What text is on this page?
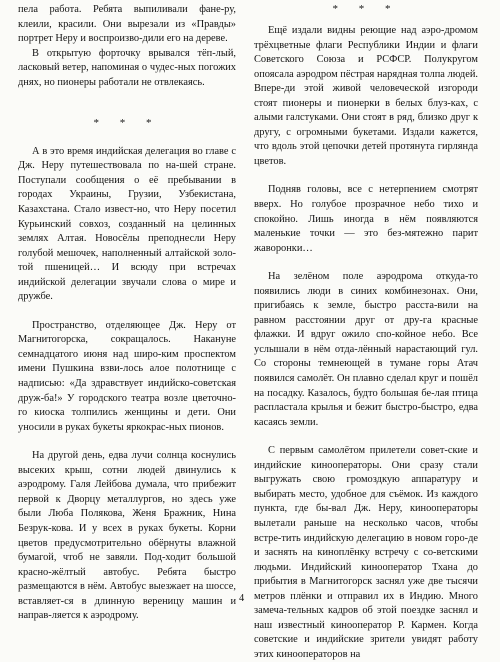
пела работа. Ребята выпиливали фане-ру, клеили, красили. Они вырезали из «Правды» портрет Неру и воспроизво-дили его на дереве.

В открытую форточку врывался тёп-лый, ласковый ветер, напоминая о чудес-ных погожих днях, но пионеры работали не отвлекаясь.

* * *

А в это время индийская делегация во главе с Дж. Неру путешествовала по на-шей стране. Поступали сообщения о её пребывании в городах Украины, Грузии, Узбекистана, Казахстана. Стало извест-но, что Неру посетил Курьинский совхоз, созданный на целинных землях Алтая. Новосёлы преподнесли Неру голубой мешочек, наполненный алтайской золо-той пшеницей… И всюду при встречах индийской делегации звучали слова о мире и дружбе.

Пространство, отделяющее Дж. Неру от Магнитогорска, сокращалось. Накануне семнадцатого июня над широ-ким проспектом имени Пушкина взви-лось алое полотнище с надписью: «Да здравствует индийско-советская друж-ба!» У городского театра возле цветочно-го киоска толпились женщины и дети. Они уносили в руках букеты яркокрас-ных пионов.

На другой день, едва лучи солнца коснулись высеких крыш, сотни людей двинулись к аэродрому. Галя Лейбова думала, что прибежит первой к Дворцу металлургов, но здесь уже были Люба Полякова, Женя Бражник, Нина Безрук-кова. И у всех в руках букеты. Корни цветов предусмотрительно обёрнуты влажной бумагой, чтоб не завяли. Под-ходит большой красно-жёлтый автобус. Ребята быстро размещаются в нём. Автобус выезжает на шоссе, вставляет-ся в длинную вереницу машин и направ-ляется к аэродрому.

* * *

Ещё издали видны реющие над аэро-дромом трёхцветные флаги Республики Индии и флаги Советского Союза и РСФСР. Полукругом опоясала аэродром пёстрая нарядная толпа людей. Впере-ди этой живой человеческой изгороди стоят пионеры и пионерки в белых блуз-ках, с алыми галстуками. Они стоят в ряд, близко друг к другу, с огромными букетами. Издали кажется, что вдоль этой цепочки детей протянута гирлянда цветов.

Подняв головы, все с нетерпением смотрят вверх. Но голубое прозрачное небо тихо и спокойно. Лишь иногда в нём появляются маленькие точки — это без-мятежно парит жаворонки…

На зелёном поле аэродрома откуда-то появились люди в синих комбинезонах. Они, пригибаясь к земле, быстро расста-вили на равном расстоянии друг от дру-га красные флажки. И вдруг ожило спо-койное небо. Все услышали в нём отда-лённый нарастающий гул. Со стороны темнеющей в тумане горы Атач появился самолёт. Он плавно сделал круг и пошёл на посадку. Казалось, будто большая бе-лая птица распластала крылья и бежит быстро-быстро, едва касаясь земли.

С первым самолётом прилетели совет-ские и индийские кинооператоры. Они сразу стали выгружать свою громоздкую аппаратуру и выбирать место, удобное для съёмок. Из каждого пункта, где бы-вал Дж. Неру, кинооператоры вылетали раньше на несколько часов, чтобы встре-тить индийскую делегацию в новом горо-де и заснять на киноплёнку встречу с со-ветскими людьми. Индийский кинооператор Тхана до прибытия в Магнитогорск заснял уже две тысячи метров плёнки и отправил их в Индию. Много замеча-тельных кадров об этой поездке заснял и наш известный кинооператор Р. Кармен. Когда советские и индийские зрители увидят работу этих кинооператоров на

4
